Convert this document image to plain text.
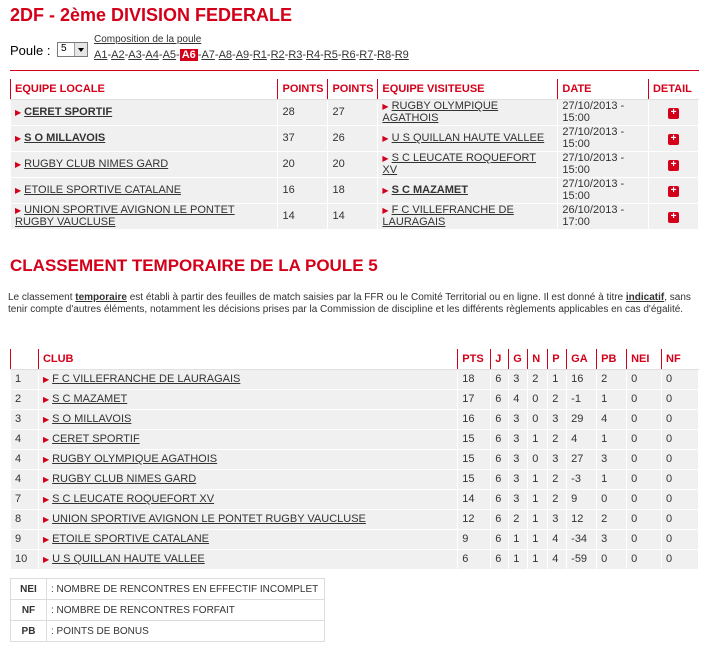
2DF - 2ème DIVISION FEDERALE
Poule : 5
Composition de la poule
A1-A2-A3-A4-A5- A6 -A7-A8-A9-R1-R2-R3-R4-R5-R6-R7-R8-R9
EQUIPE LOCALE	POINTS	POINTS	EQUIPE VISITEUSE	DATE	DETAIL
▶ CERET SPORTIF	28	27	▶ RUGBY OLYMPIQUE AGATHOIS	27/10/2013 - 15:00	+
▶ S O MILLAVOIS	37	26	▶ U S QUILLAN HAUTE VALLEE	27/10/2013 - 15:00	+
▶ RUGBY CLUB NIMES GARD	20	20	▶ S C LEUCATE ROQUEFORT XV	27/10/2013 - 15:00	+
▶ ETOILE SPORTIVE CATALANE	16	18	▶ S C MAZAMET	27/10/2013 - 15:00	+
▶ UNION SPORTIVE AVIGNON LE PONTET RUGBY VAUCLUSE	14	14	▶ F C VILLEFRANCHE DE LAURAGAIS	26/10/2013 - 17:00	+
CLASSEMENT TEMPORAIRE DE LA POULE 5
Le classement temporaire est établi à partir des feuilles de match saisies par la FFR ou le Comité Territorial ou en ligne. Il est donné à titre indicatif, sans tenir compte d'autres éléments, notamment les décisions prises par la Commission de discipline et les différents règlements applicables en cas d'égalité.
	CLUB	PTS	J	G	N	P	GA	PB	NEI	NF
1	▶ F C VILLEFRANCHE DE LAURAGAIS	18	6	3	2	1	16	2	0	0
2	▶ S C MAZAMET	17	6	4	0	2	-1	1	0	0
3	▶ S O MILLAVOIS	16	6	3	0	3	29	4	0	0
4	▶ CERET SPORTIF	15	6	3	1	2	4	1	0	0
4	▶ RUGBY OLYMPIQUE AGATHOIS	15	6	3	0	3	27	3	0	0
4	▶ RUGBY CLUB NIMES GARD	15	6	3	1	2	-3	1	0	0
7	▶ S C LEUCATE ROQUEFORT XV	14	6	3	1	2	9	0	0	0
8	▶ UNION SPORTIVE AVIGNON LE PONTET RUGBY VAUCLUSE	12	6	2	1	3	12	2	0	0
9	▶ ETOILE SPORTIVE CATALANE	9	6	1	1	4	-34	3	0	0
10	▶ U S QUILLAN HAUTE VALLEE	6	6	1	1	4	-59	0	0	0
NEI	: NOMBRE DE RENCONTRES EN EFFECTIF INCOMPLET
NF	: NOMBRE DE RENCONTRES FORFAIT
PB	: POINTS DE BONUS
